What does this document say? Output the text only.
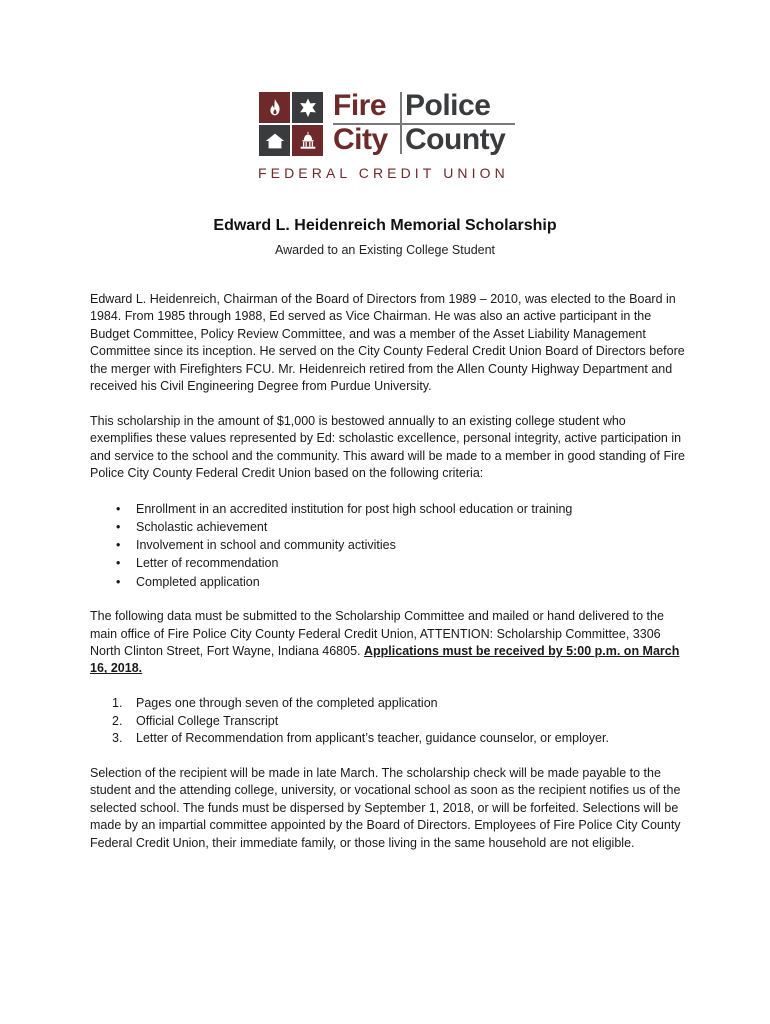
Fire Police
City County
FEDERAL CREDIT UNION
Edward L. Heidenreich Memorial Scholarship
Awarded to an Existing College Student

Edward L. Heidenreich, Chairman of the Board of Directors from 1989 – 2010, was elected to the Board in 1984. From 1985 through 1988, Ed served as Vice Chairman. He was also an active participant in the Budget Committee, Policy Review Committee, and was a member of the Asset Liability Management Committee since its inception. He served on the City County Federal Credit Union Board of Directors before the merger with Firefighters FCU. Mr. Heidenreich retired from the Allen County Highway Department and received his Civil Engineering Degree from Purdue University.

This scholarship in the amount of $1,000 is bestowed annually to an existing college student who exemplifies these values represented by Ed: scholastic excellence, personal integrity, active participation in and service to the school and the community. This award will be made to a member in good standing of Fire Police City County Federal Credit Union based on the following criteria:

• Enrollment in an accredited institution for post high school education or training
• Scholastic achievement
• Involvement in school and community activities
• Letter of recommendation
• Completed application

The following data must be submitted to the Scholarship Committee and mailed or hand delivered to the main office of Fire Police City County Federal Credit Union, ATTENTION: Scholarship Committee, 3306 North Clinton Street, Fort Wayne, Indiana 46805. Applications must be received by 5:00 p.m. on March 16, 2018.

1. Pages one through seven of the completed application
2. Official College Transcript
3. Letter of Recommendation from applicant’s teacher, guidance counselor, or employer.

Selection of the recipient will be made in late March. The scholarship check will be made payable to the student and the attending college, university, or vocational school as soon as the recipient notifies us of the selected school. The funds must be dispersed by September 1, 2018, or will be forfeited. Selections will be made by an impartial committee appointed by the Board of Directors. Employees of Fire Police City County Federal Credit Union, their immediate family, or those living in the same household are not eligible.
